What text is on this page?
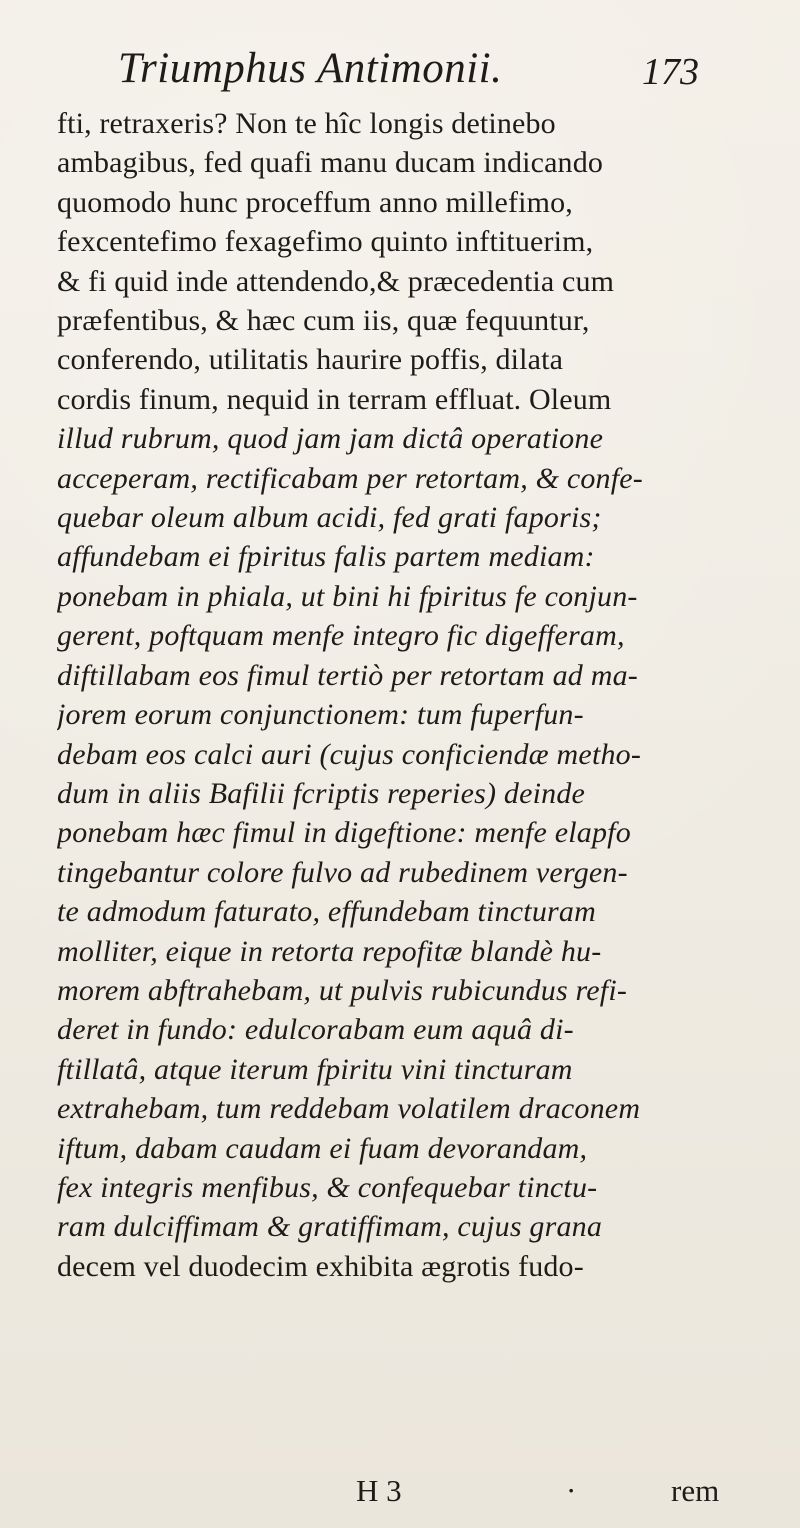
Triumphus Antimonii.	173
fti, retraxeris? Non te hîc longis detinebo
ambagibus, fed quafi manu ducam indicando
quomodo hunc proceffum anno millefimo,
fexcentefimo fexagefimo quinto inftituerim,
& fi quid inde attendendo,& præcedentia cum
præfentibus, & hæc cum iis, quæ fequuntur,
conferendo, utilitatis haurire poffis, dilata
cordis finum, nequid in terram effluat. Oleum
illud rubrum, quod jam jam dictâ operatione
acceperam, rectificabam per retortam, & confe-
quebar oleum album acidi, fed grati faporis;
affundebam ei fpiritus falis partem mediam:
ponebam in phiala, ut bini hi fpiritus fe conjun-
gerent, poftquam menfe integro fic digefferam,
diftillabam eos fimul tertiò per retortam ad ma-
jorem eorum conjunctionem: tum fuperfun-
debam eos calci auri (cujus conficiendæ metho-
dum in aliis Bafilii fcriptis reperies) deinde
ponebam hæc fimul in digeftione: menfe elapfo
tingebantur colore fulvo ad rubedinem vergen-
te admodum faturato, effundebam tincturam
molliter, eique in retorta repofitæ blandè hu-
morem abftrahebam, ut pulvis rubicundus refi-
deret in fundo: edulcorabam eum aquâ di-
ftillatâ, atque iterum fpiritu vini tincturam
extrahebam, tum reddebam volatilem draconem
iftum, dabam caudam ei fuam devorandam,
fex integris menfibus, & confequebar tinctu-
ram dulciffimam & gratiffimam, cujus grana
decem vel duodecim exhibita ægrotis fudo-
H 3	·	rem
